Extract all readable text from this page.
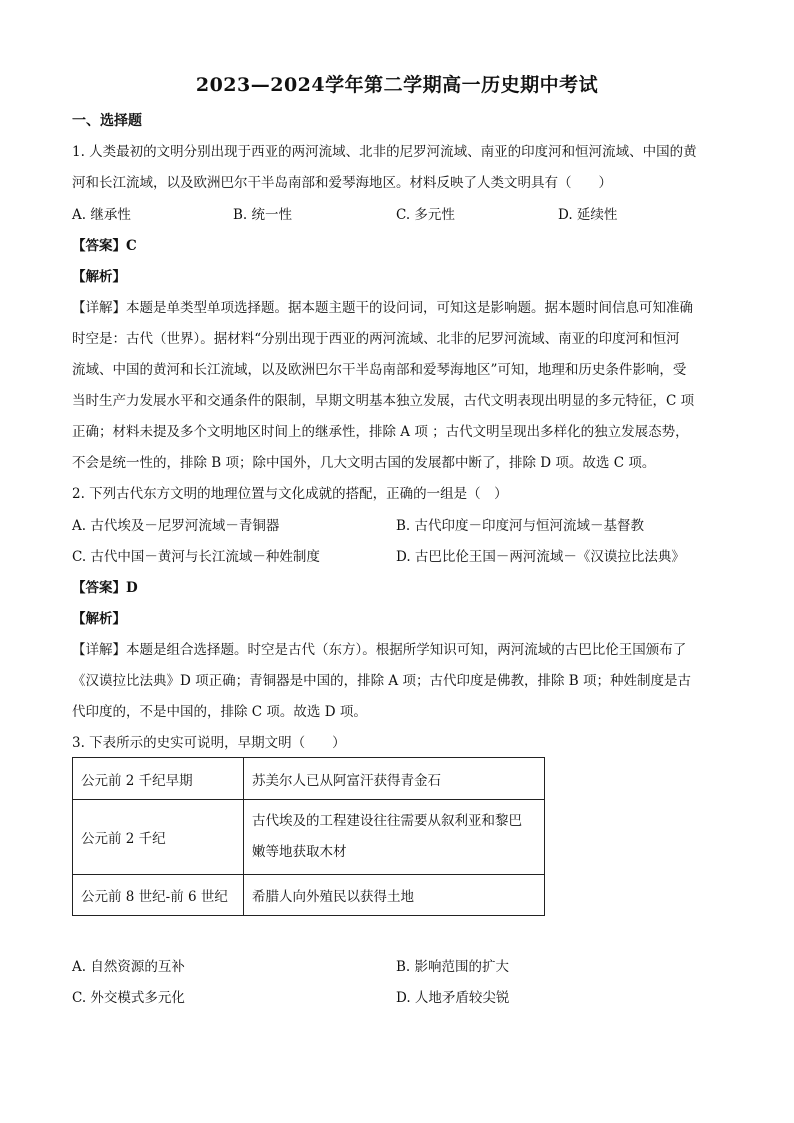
2023—2024学年第二学期高一历史期中考试
一、选择题
1. 人类最初的文明分别出现于西亚的两河流域、北非的尼罗河流域、南亚的印度河和恒河流域、中国的黄
河和长江流域，以及欧洲巴尔干半岛南部和爱琴海地区。材料反映了人类文明具有（　　）
A. 继承性	B. 统一性	C. 多元性	D. 延续性
【答案】C
【解析】
【详解】本题是单类型单项选择题。据本题主题干的设问词，可知这是影响题。据本题时间信息可知准确
时空是：古代（世界）。据材料“分别出现于西亚的两河流域、北非的尼罗河流域、南亚的印度河和恒河
流域、中国的黄河和长江流域，以及欧洲巴尔干半岛南部和爱琴海地区”可知，地理和历史条件影响，受
当时生产力发展水平和交通条件的限制，早期文明基本独立发展，古代文明表现出明显的多元特征，C 项
正确；材料未提及多个文明地区时间上的继承性，排除 A 项 ；古代文明呈现出多样化的独立发展态势，
不会是统一性的，排除 B 项；除中国外，几大文明古国的发展都中断了，排除 D 项。故选 C 项。
2. 下列古代东方文明的地理位置与文化成就的搭配，正确的一组是（　）
A. 古代埃及－尼罗河流域－青铜器	B. 古代印度－印度河与恒河流域－基督教
C. 古代中国－黄河与长江流域－种姓制度	D. 古巴比伦王国－两河流域－《汉谟拉比法典》
【答案】D
【解析】
【详解】本题是组合选择题。时空是古代（东方）。根据所学知识可知，两河流域的古巴比伦王国颁布了
《汉谟拉比法典》D 项正确；青铜器是中国的，排除 A 项；古代印度是佛教，排除 B 项；种姓制度是古
代印度的，不是中国的，排除 C 项。故选 D 项。
3. 下表所示的史实可说明，早期文明（　　）
公元前 2 千纪早期	苏美尔人已从阿富汗获得青金石

公元前 2 千纪	古代埃及的工程建设往往需要从叙利亚和黎巴
嫩等地获取木材

公元前 8 世纪-前 6 世纪	希腊人向外殖民以获得土地
A. 自然资源的互补	B. 影响范围的扩大
C. 外交模式多元化	D. 人地矛盾较尖锐
